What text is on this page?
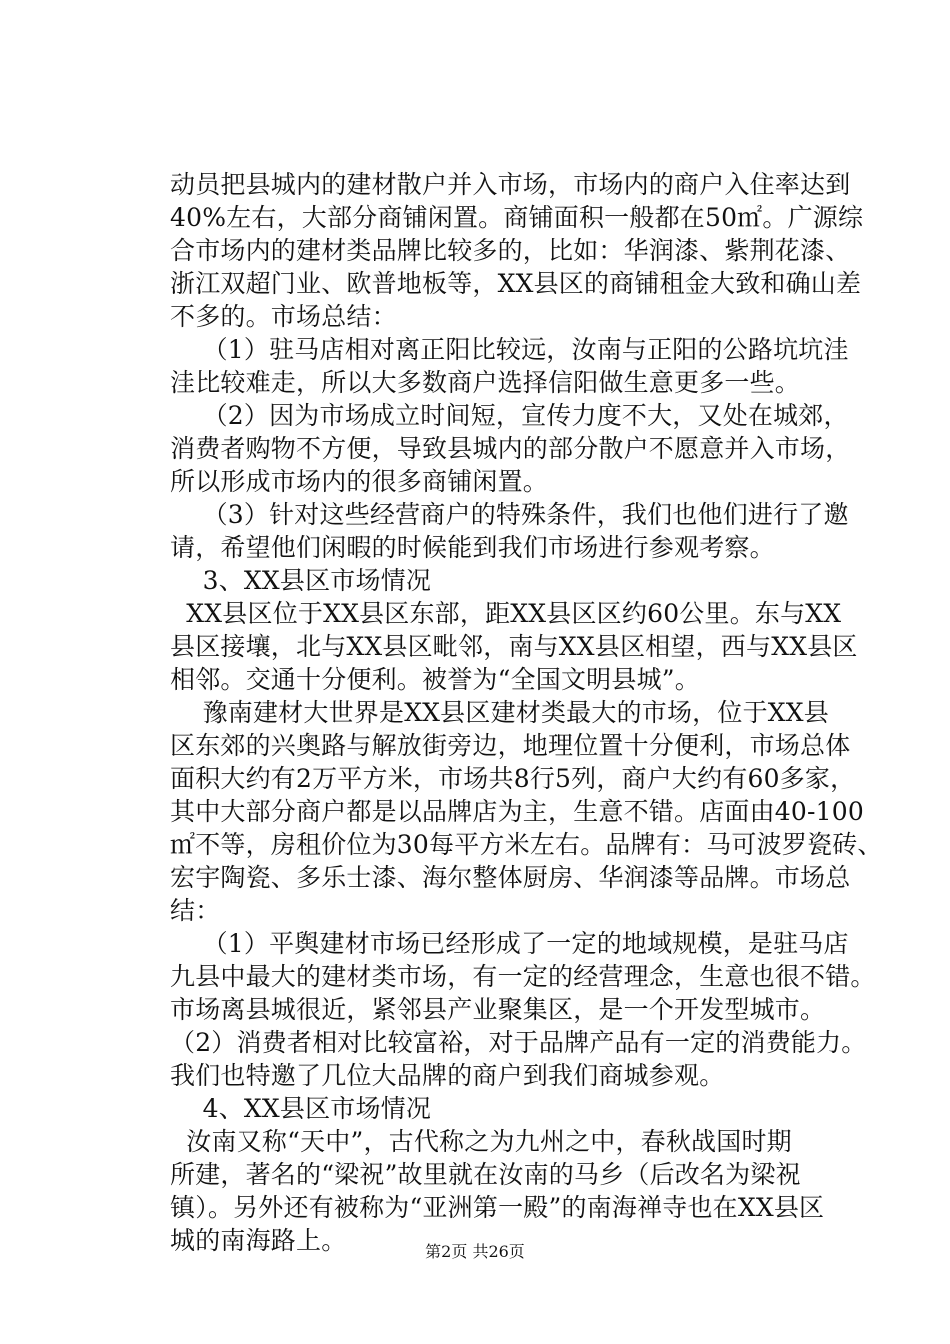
动员把县城内的建材散户并入市场，市场内的商户入住率达到
40%左右，大部分商铺闲置。商铺面积一般都在50㎡。广源综
合市场内的建材类品牌比较多的，比如：华润漆、紫荆花漆、
浙江双超门业、欧普地板等，XX县区的商铺租金大致和确山差
不多的。市场总结：
（1）驻马店相对离正阳比较远，汝南与正阳的公路坑坑洼
洼比较难走，所以大多数商户选择信阳做生意更多一些。
（2）因为市场成立时间短，宣传力度不大，又处在城郊，
消费者购物不方便，导致县城内的部分散户不愿意并入市场，
所以形成市场内的很多商铺闲置。
（3）针对这些经营商户的特殊条件，我们也他们进行了邀
请，希望他们闲暇的时候能到我们市场进行参观考察。
3、XX县区市场情况
XX县区位于XX县区东部，距XX县区区约60公里。东与XX
县区接壤，北与XX县区毗邻，南与XX县区相望，西与XX县区
相邻。交通十分便利。被誉为“全国文明县城”。
豫南建材大世界是XX县区建材类最大的市场，位于XX县
区东郊的兴奥路与解放街旁边，地理位置十分便利，市场总体
面积大约有2万平方米，市场共8行5列，商户大约有60多家，
其中大部分商户都是以品牌店为主，生意不错。店面由40-100
㎡不等，房租价位为30每平方米左右。品牌有：马可波罗瓷砖、
宏宇陶瓷、多乐士漆、海尔整体厨房、华润漆等品牌。市场总
结：
（1）平舆建材市场已经形成了一定的地域规模，是驻马店
九县中最大的建材类市场，有一定的经营理念，生意也很不错。
市场离县城很近，紧邻县产业聚集区，是一个开发型城市。
（2）消费者相对比较富裕，对于品牌产品有一定的消费能力。
我们也特邀了几位大品牌的商户到我们商城参观。
4、XX县区市场情况
汝南又称“天中”，古代称之为九州之中，春秋战国时期
所建，著名的“梁祝”故里就在汝南的马乡（后改名为梁祝
镇）。另外还有被称为“亚洲第一殿”的南海禅寺也在XX县区
城的南海路上。	第2页 共26页
